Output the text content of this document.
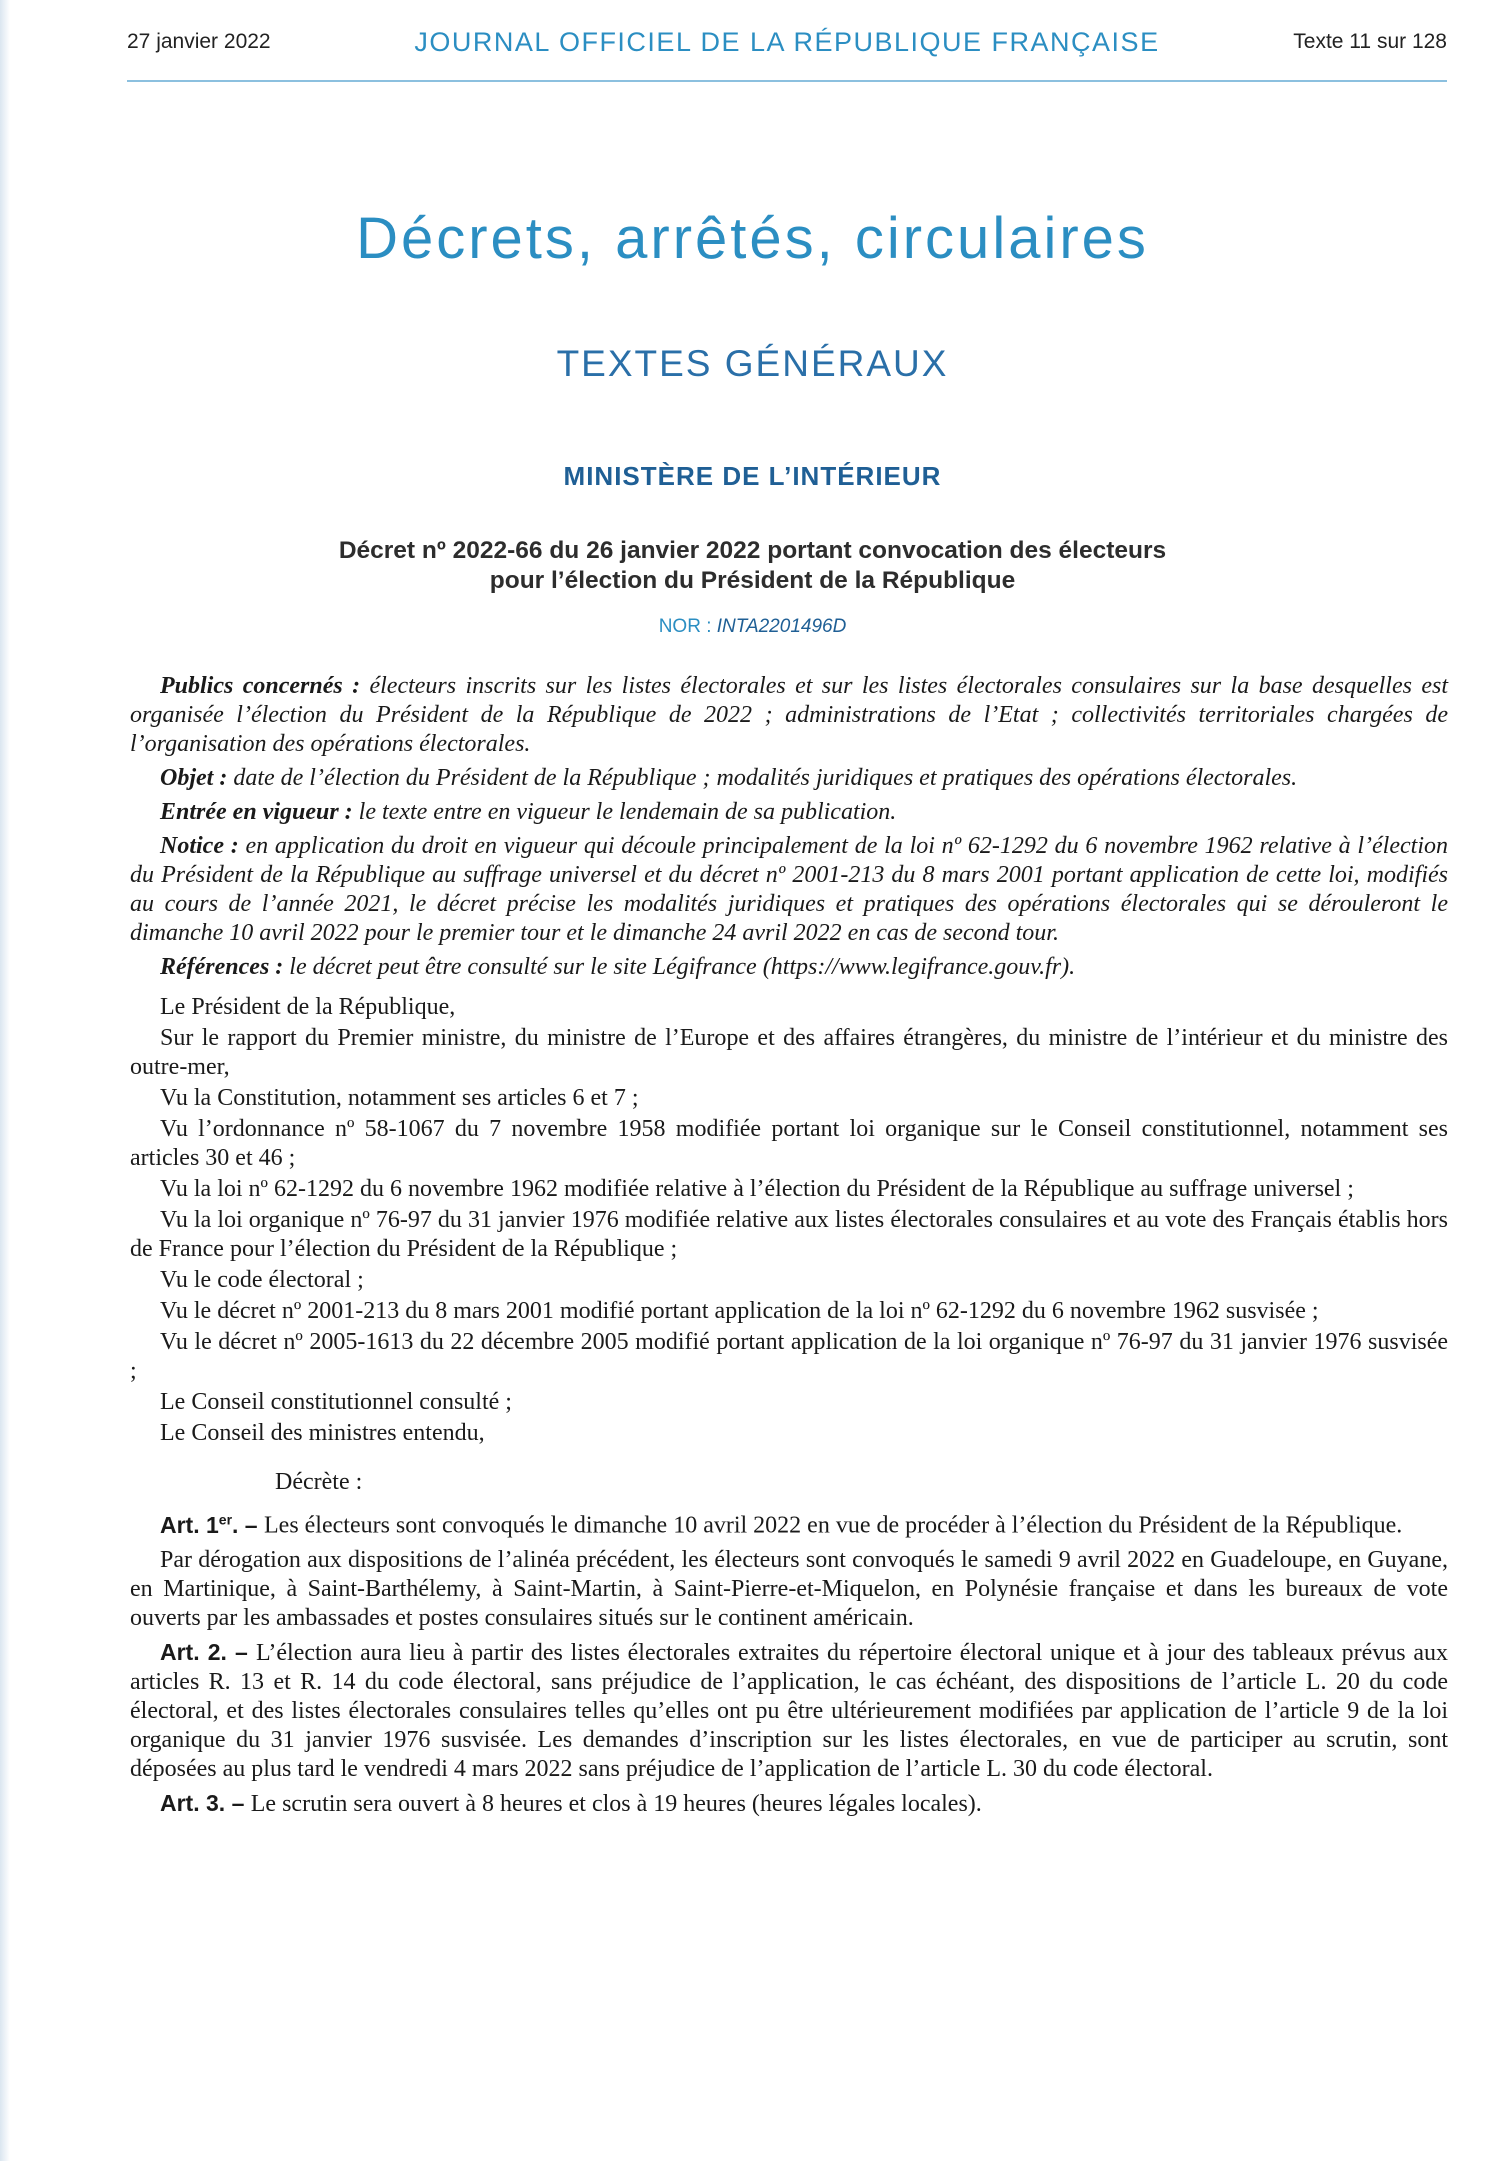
27 janvier 2022	JOURNAL OFFICIEL DE LA RÉPUBLIQUE FRANÇAISE	Texte 11 sur 128
Décrets, arrêtés, circulaires
TEXTES GÉNÉRAUX
MINISTÈRE DE L’INTÉRIEUR
Décret nº 2022-66 du 26 janvier 2022 portant convocation des électeurs
pour l’élection du Président de la République
NOR : INTA2201496D

Publics concernés : électeurs inscrits sur les listes électorales et sur les listes électorales consulaires sur la base desquelles est organisée l’élection du Président de la République de 2022 ; administrations de l’Etat ; collectivités territoriales chargées de l’organisation des opérations électorales.

Objet : date de l’élection du Président de la République ; modalités juridiques et pratiques des opérations électorales.

Entrée en vigueur : le texte entre en vigueur le lendemain de sa publication.

Notice : en application du droit en vigueur qui découle principalement de la loi nº 62-1292 du 6 novembre 1962 relative à l’élection du Président de la République au suffrage universel et du décret nº 2001-213 du 8 mars 2001 portant application de cette loi, modifiés au cours de l’année 2021, le décret précise les modalités juridiques et pratiques des opérations électorales qui se dérouleront le dimanche 10 avril 2022 pour le premier tour et le dimanche 24 avril 2022 en cas de second tour.

Références : le décret peut être consulté sur le site Légifrance (https://www.legifrance.gouv.fr).

Le Président de la République,

Sur le rapport du Premier ministre, du ministre de l’Europe et des affaires étrangères, du ministre de l’intérieur et du ministre des outre-mer,

Vu la Constitution, notamment ses articles 6 et 7 ;

Vu l’ordonnance nº 58-1067 du 7 novembre 1958 modifiée portant loi organique sur le Conseil constitutionnel, notamment ses articles 30 et 46 ;

Vu la loi nº 62-1292 du 6 novembre 1962 modifiée relative à l’élection du Président de la République au suffrage universel ;

Vu la loi organique nº 76-97 du 31 janvier 1976 modifiée relative aux listes électorales consulaires et au vote des Français établis hors de France pour l’élection du Président de la République ;

Vu le code électoral ;

Vu le décret nº 2001-213 du 8 mars 2001 modifié portant application de la loi nº 62-1292 du 6 novembre 1962 susvisée ;

Vu le décret nº 2005-1613 du 22 décembre 2005 modifié portant application de la loi organique nº 76-97 du 31 janvier 1976 susvisée ;

Le Conseil constitutionnel consulté ;

Le Conseil des ministres entendu,

Décrète :

Art. 1er. – Les électeurs sont convoqués le dimanche 10 avril 2022 en vue de procéder à l’élection du Président de la République.

Par dérogation aux dispositions de l’alinéa précédent, les électeurs sont convoqués le samedi 9 avril 2022 en Guadeloupe, en Guyane, en Martinique, à Saint-Barthélemy, à Saint-Martin, à Saint-Pierre-et-Miquelon, en Polynésie française et dans les bureaux de vote ouverts par les ambassades et postes consulaires situés sur le continent américain.

Art. 2. – L’élection aura lieu à partir des listes électorales extraites du répertoire électoral unique et à jour des tableaux prévus aux articles R. 13 et R. 14 du code électoral, sans préjudice de l’application, le cas échéant, des dispositions de l’article L. 20 du code électoral, et des listes électorales consulaires telles qu’elles ont pu être ultérieurement modifiées par application de l’article 9 de la loi organique du 31 janvier 1976 susvisée. Les demandes d’inscription sur les listes électorales, en vue de participer au scrutin, sont déposées au plus tard le vendredi 4 mars 2022 sans préjudice de l’application de l’article L. 30 du code électoral.

Art. 3. – Le scrutin sera ouvert à 8 heures et clos à 19 heures (heures légales locales).
